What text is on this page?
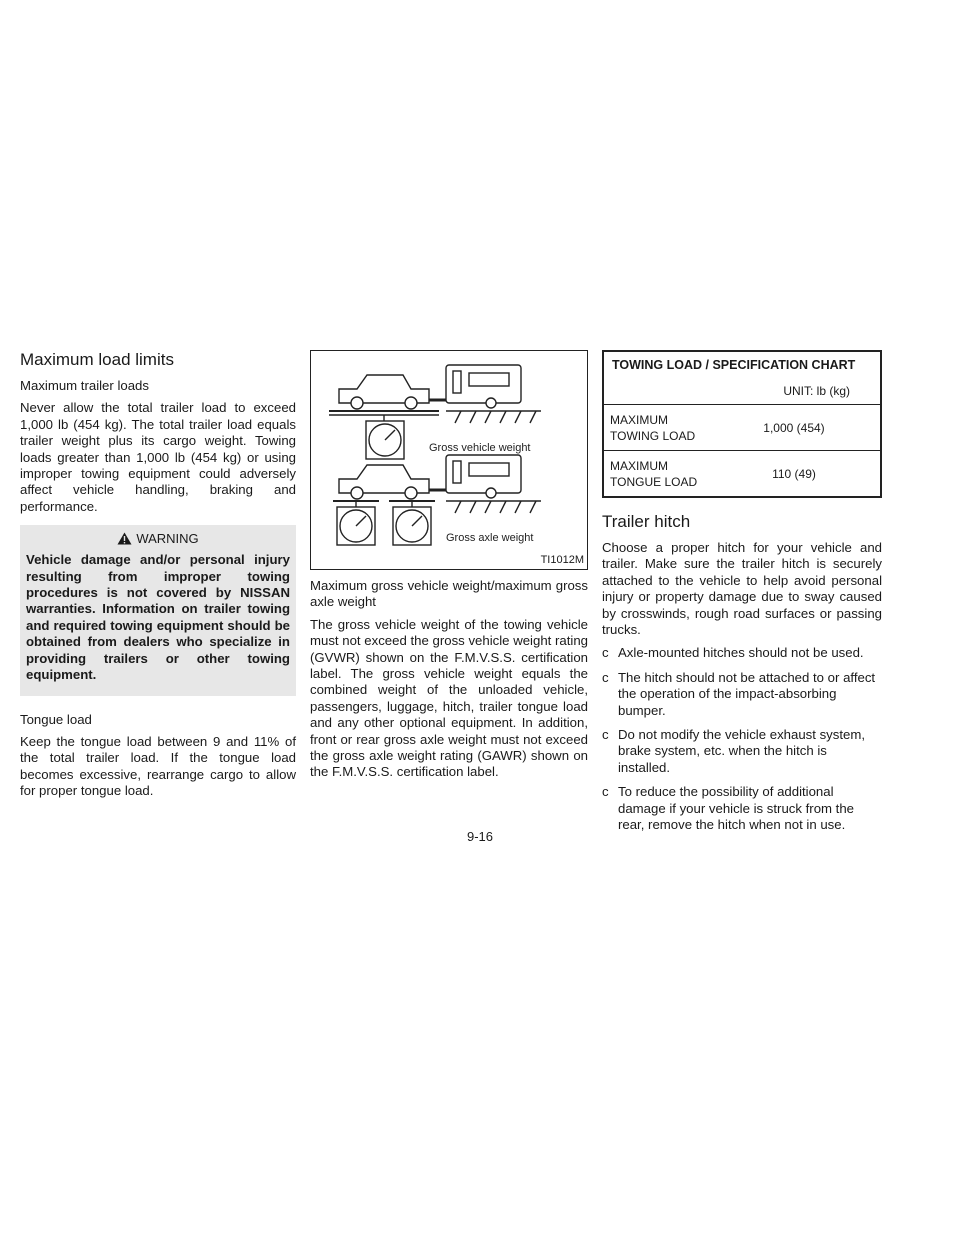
Maximum load limits

Maximum trailer loads

Never allow the total trailer load to exceed 1,000 lb (454 kg). The total trailer load equals trailer weight plus its cargo weight. Towing loads greater than 1,000 lb (454 kg) or using improper towing equipment could adversely affect vehicle handling, braking and performance.

WARNING
Vehicle damage and/or personal injury resulting from improper towing procedures is not covered by NISSAN warranties. Information on trailer towing and required towing equipment should be obtained from dealers who specialize in providing trailers or other towing equipment.

Tongue load

Keep the tongue load between 9 and 11% of the total trailer load. If the tongue load becomes excessive, rearrange cargo to allow for proper tongue load.

Gross vehicle weight
Gross axle weight
TI1012M

Maximum gross vehicle weight/maximum gross axle weight

The gross vehicle weight of the towing vehicle must not exceed the gross vehicle weight rating (GVWR) shown on the F.M.V.S.S. certification label. The gross vehicle weight equals the combined weight of the unloaded vehicle, passengers, luggage, hitch, trailer tongue load and any other optional equipment. In addition, front or rear gross axle weight must not exceed the gross axle weight rating (GAWR) shown on the F.M.V.S.S. certification label.

TOWING LOAD / SPECIFICATION CHART
UNIT: lb (kg)
MAXIMUM
TOWING LOAD
1,000 (454)
MAXIMUM
TONGUE LOAD
110 (49)
Trailer hitch

Choose a proper hitch for your vehicle and trailer. Make sure the trailer hitch is securely attached to the vehicle to help avoid personal injury or property damage due to sway caused by crosswinds, rough road surfaces or passing trucks.

c Axle-mounted hitches should not be used.
c The hitch should not be attached to or affect the operation of the impact-absorbing bumper.
c Do not modify the vehicle exhaust system, brake system, etc. when the hitch is installed.
c To reduce the possibility of additional damage if your vehicle is struck from the rear, remove the hitch when not in use.
9-16
